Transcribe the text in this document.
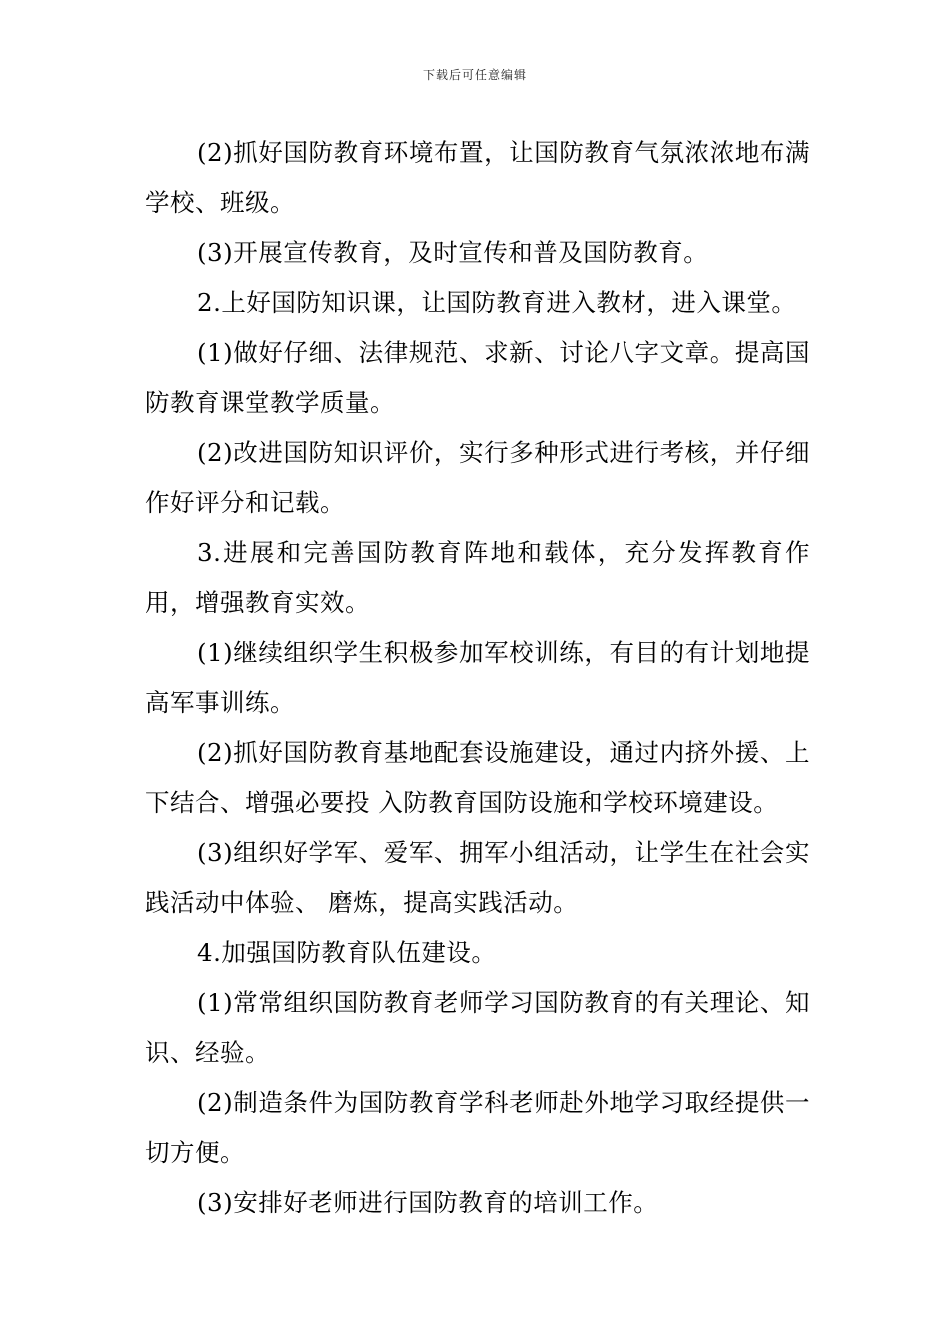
下载后可任意编辑

(2)抓好国防教育环境布置，让国防教育气氛浓浓地布满学校、班级。

(3)开展宣传教育，及时宣传和普及国防教育。

2.上好国防知识课，让国防教育进入教材，进入课堂。

(1)做好仔细、法律规范、求新、讨论八字文章。提高国防教育课堂教学质量。

(2)改进国防知识评价，实行多种形式进行考核，并仔细作好评分和记载。

3.进展和完善国防教育阵地和载体，充分发挥教育作用，增强教育实效。

(1)继续组织学生积极参加军校训练，有目的有计划地提高军事训练。

(2)抓好国防教育基地配套设施建设，通过内挤外援、上下结合、增强必要投 入防教育国防设施和学校环境建设。

(3)组织好学军、爱军、拥军小组活动，让学生在社会实践活动中体验、 磨炼，提高实践活动。

4.加强国防教育队伍建设。

(1)常常组织国防教育老师学习国防教育的有关理论、知识、经验。

(2)制造条件为国防教育学科老师赴外地学习取经提供一切方便。

(3)安排好老师进行国防教育的培训工作。
